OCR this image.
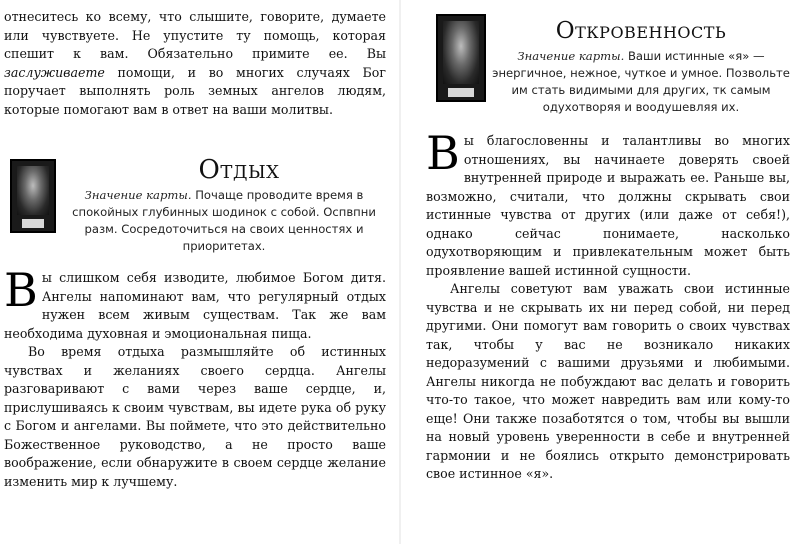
отнеситесь ко всему, что слышите, говорите, думаете или чувствуете. Не упустите ту помощь, которая спешит к вам. Обязательно примите ее. Вы заслуживаете помощи, и во многих случаях Бог поручает выполнять роль земных ангелов людям, которые помогают вам в ответ на ваши молитвы.

Отдых

Значение карты. Почаще проводите время в спокойных глубинных шодинок с собой. Оспвпни разм. Сосредоточиться на своих ценностях и приоритетах.

Вы слишком себя изводите, любимое Богом дитя. Ангелы напоминают вам, что регулярный отдых нужен всем живым существам. Так же вам необходима духовная и эмоциональная пища.

Во время отдыха размышляйте об истинных чувствах и желаниях своего сердца. Ангелы разговаривают с вами через ваше сердце, и, прислушиваясь к своим чувствам, вы идете рука об руку с Богом и ангелами. Вы поймете, что это действительно Божественное руководство, а не просто ваше воображение, если обнаружите в своем сердце желание изменить мир к лучшему.

Откровенность

Значение карты. Ваши истинные «я» — энергичное, нежное, чуткое и умное. Позвольте им стать видимыми для других, тк самым одухотворяя и воодушевляя их.

Вы благословенны и талантливы во многих отношениях, вы начинаете доверять своей внутренней природе и выражать ее. Раньше вы, возможно, считали, что должны скрывать свои истинные чувства от других (или даже от себя!), однако сейчас понимаете, насколько одухотворяющим и привлекательным может быть проявление вашей истинной сущности.

Ангелы советуют вам уважать свои истинные чувства и не скрывать их ни перед собой, ни перед другими. Они помогут вам говорить о своих чувствах так, чтобы у вас не возникало никаких недоразумений с вашими друзьями и любимыми. Ангелы никогда не побуждают вас делать и говорить что-то такое, что может навредить вам или кому-то еще! Они также позаботятся о том, чтобы вы вышли на новый уровень уверенности в себе и внутренней гармонии и не боялись открыто демонстрировать свое истинное «я».
